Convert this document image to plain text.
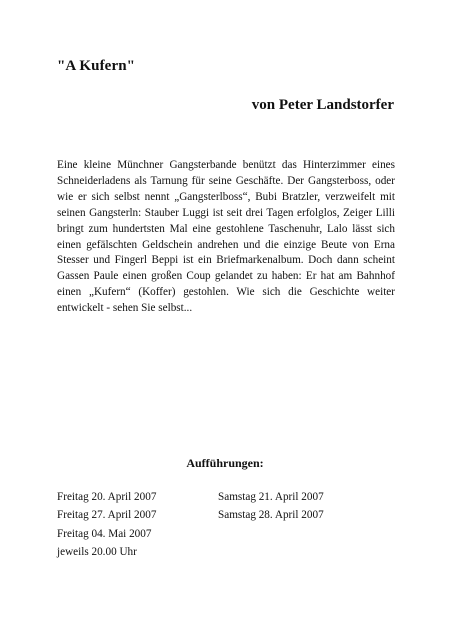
"A Kufern"
von Peter Landstorfer
Eine kleine Münchner Gangsterbande benützt das Hinterzimmer eines Schneiderladens als Tarnung für seine Geschäfte. Der Gangsterboss, oder wie er sich selbst nennt „Gangsterlboss“, Bubi Bratzler, verzweifelt mit seinen Gangsterln: Stauber Luggi ist seit drei Tagen erfolglos, Zeiger Lilli bringt zum hundertsten Mal eine gestohlene Taschenuhr, Lalo lässt sich einen gefälschten Geldschein andrehen und die einzige Beute von Erna Stesser und Fingerl Beppi ist ein Briefmarkenalbum. Doch dann scheint Gassen Paule einen großen Coup gelandet zu haben: Er hat am Bahnhof einen „Kufern“ (Koffer) gestohlen. Wie sich die Geschichte weiter entwickelt - sehen Sie selbst...
Aufführungen:
Freitag 20. April 2007	Samstag 21. April 2007
Freitag 27. April 2007	Samstag 28. April 2007
Freitag 04. Mai 2007
jeweils 20.00 Uhr
